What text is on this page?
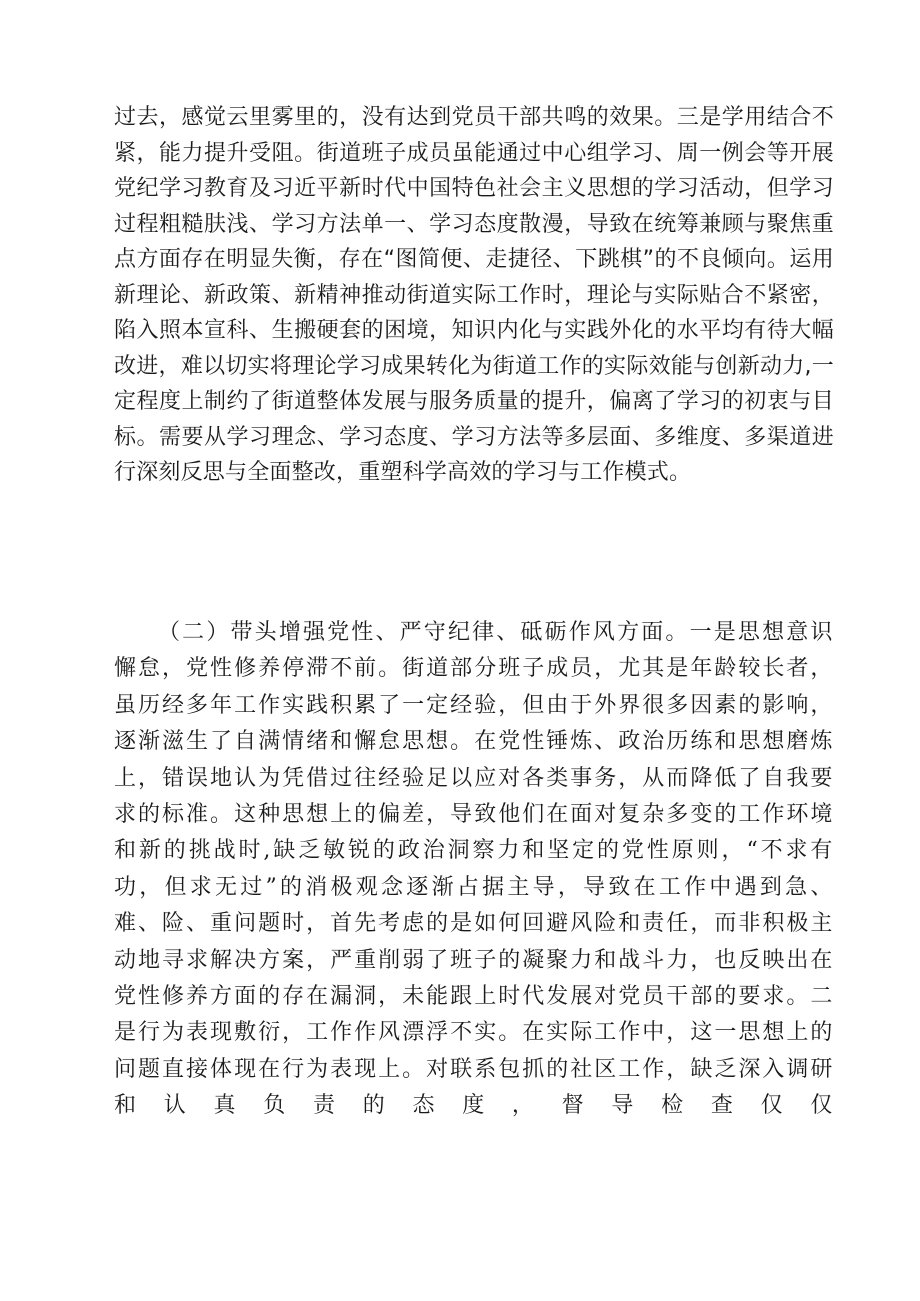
过去，感觉云里雾里的，没有达到党员干部共鸣的效果。三是学用结合不紧，能力提升受阻。街道班子成员虽能通过中心组学习、周一例会等开展党纪学习教育及习近平新时代中国特色社会主义思想的学习活动，但学习过程粗糙肤浅、学习方法单一、学习态度散漫，导致在统筹兼顾与聚焦重点方面存在明显失衡，存在“图简便、走捷径、下跳棋”的不良倾向。运用新理论、新政策、新精神推动街道实际工作时，理论与实际贴合不紧密，陷入照本宣科、生搬硬套的困境，知识内化与实践外化的水平均有待大幅改进，难以切实将理论学习成果转化为街道工作的实际效能与创新动力,一定程度上制约了街道整体发展与服务质量的提升，偏离了学习的初衷与目标。需要从学习理念、学习态度、学习方法等多层面、多维度、多渠道进行深刻反思与全面整改，重塑科学高效的学习与工作模式。

（二）带头增强党性、严守纪律、砥砺作风方面。一是思想意识懈怠，党性修养停滞不前。街道部分班子成员，尤其是年龄较长者，虽历经多年工作实践积累了一定经验，但由于外界很多因素的影响，逐渐滋生了自满情绪和懈怠思想。在党性锤炼、政治历练和思想磨炼上，错误地认为凭借过往经验足以应对各类事务，从而降低了自我要求的标准。这种思想上的偏差，导致他们在面对复杂多变的工作环境和新的挑战时,缺乏敏锐的政治洞察力和坚定的党性原则，“不求有功，但求无过”的消极观念逐渐占据主导，导致在工作中遇到急、难、险、重问题时，首先考虑的是如何回避风险和责任，而非积极主动地寻求解决方案，严重削弱了班子的凝聚力和战斗力，也反映出在党性修养方面的存在漏洞，未能跟上时代发展对党员干部的要求。二是行为表现敷衍，工作作风漂浮不实。在实际工作中，这一思想上的问题直接体现在行为表现上。对联系包抓的社区工作，缺乏深入调研和认真负责的态度，督导检查仅仅
